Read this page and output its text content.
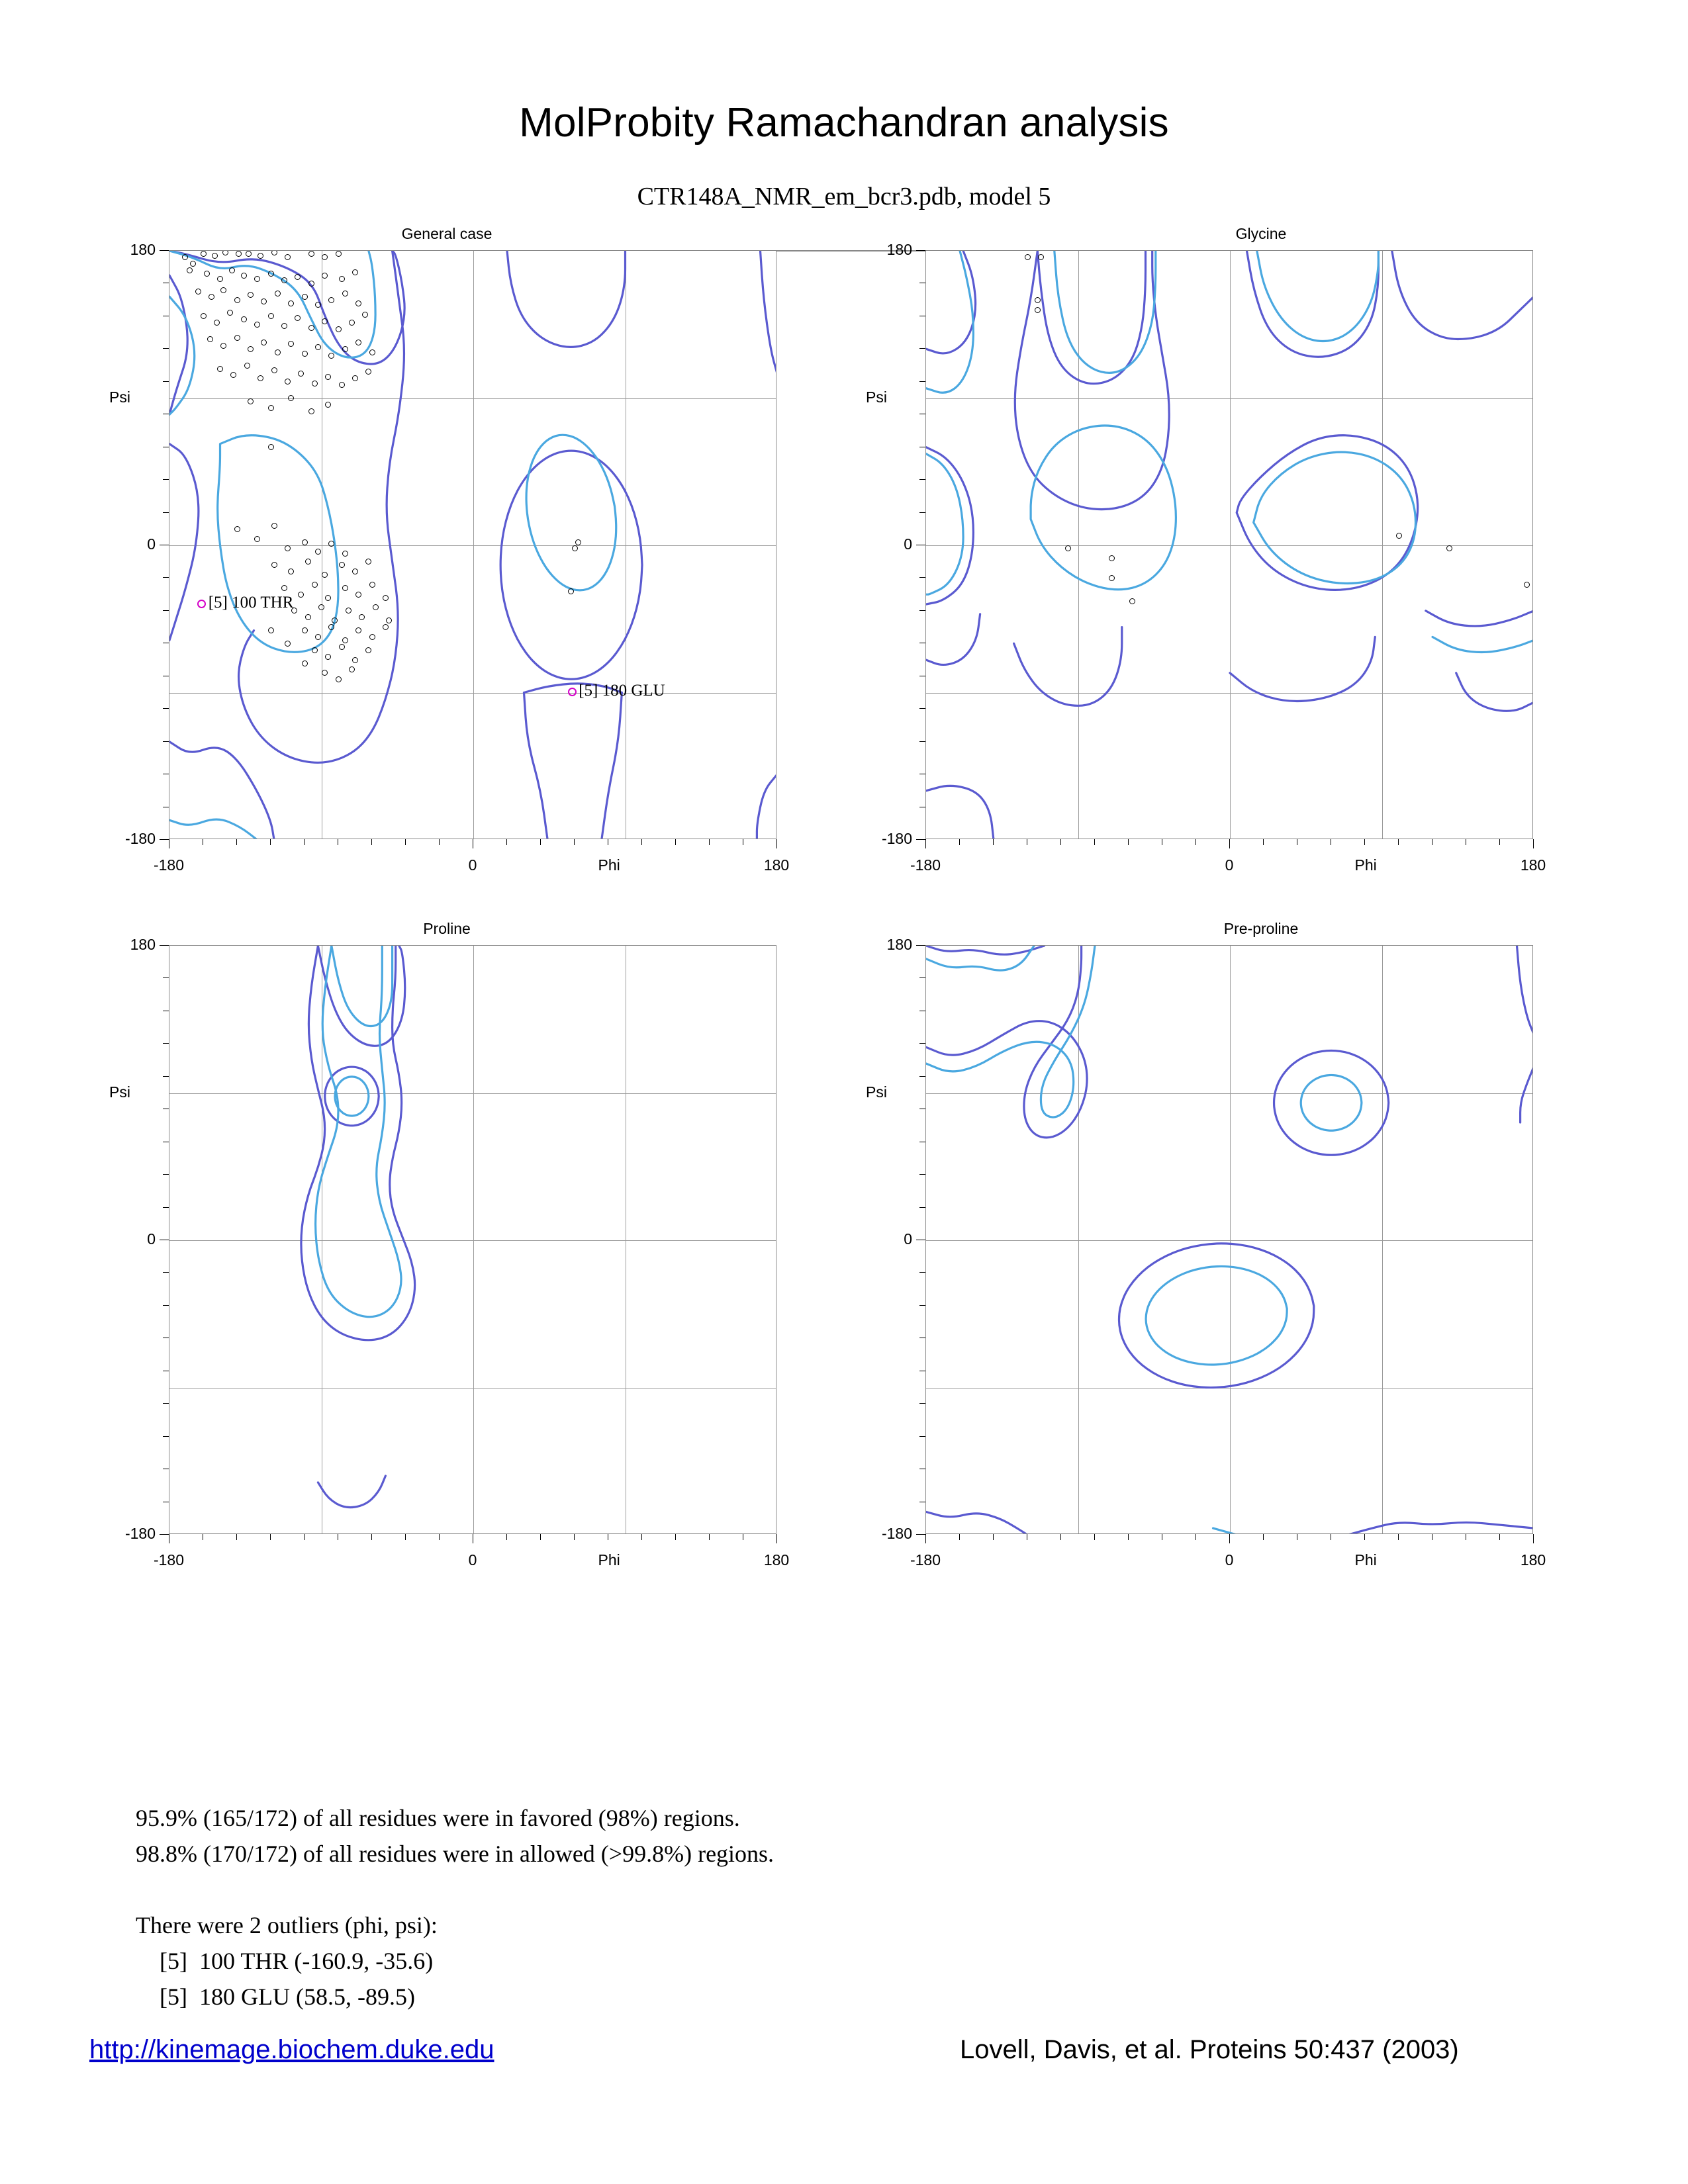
MolProbity Ramachandran analysis
CTR148A_NMR_em_bcr3.pdb, model 5
General case
[5] 100 THR
[5] 180 GLU
-180	0	180
180
0
-180
Phi
Psi
Glycine
-180	0	180
180
0
-180
Phi
Psi
Proline
-180	0	180
180
0
-180
Phi
Psi
Pre-proline
-180	0	180
180
0
-180
Phi
Psi
95.9% (165/172) of all residues were in favored (98%) regions.
98.8% (170/172) of all residues were in allowed (>99.8%) regions.
There were 2 outliers (phi, psi):
[5]  100 THR (-160.9, -35.6)
[5]  180 GLU (58.5, -89.5)
http://kinemage.biochem.duke.edu	Lovell, Davis, et al. Proteins 50:437 (2003)
